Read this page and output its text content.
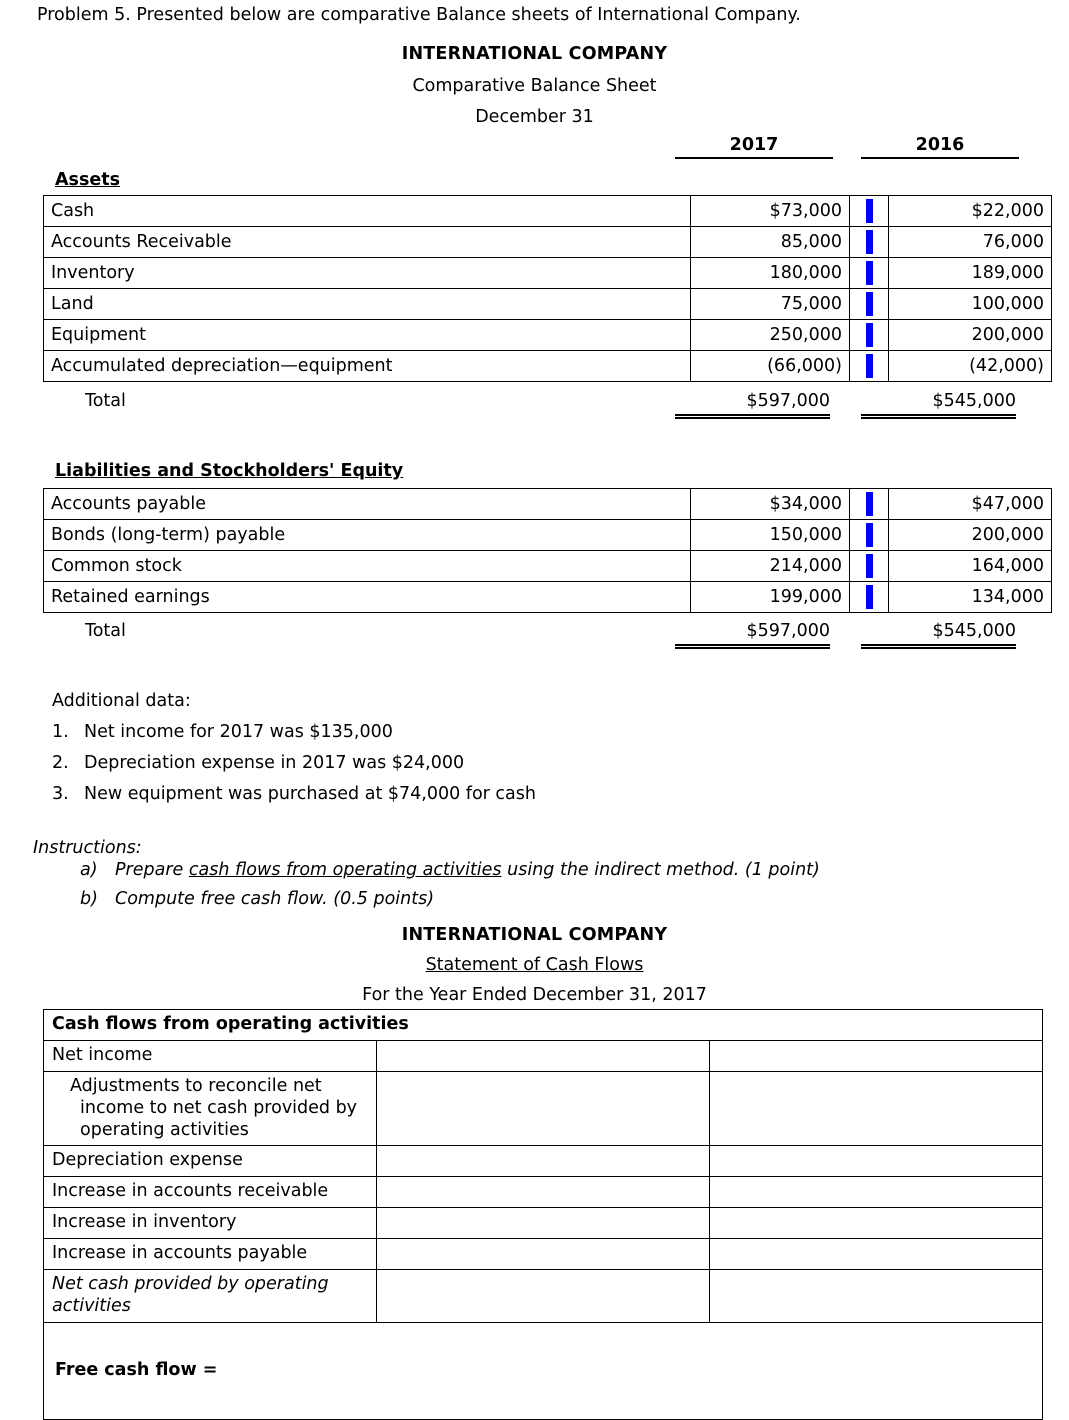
Problem 5. Presented below are comparative Balance sheets of International Company.
INTERNATIONAL COMPANY
Comparative Balance Sheet
December 31
2017	2016
Assets
Cash	$73,000		$22,000
Accounts Receivable	85,000		76,000
Inventory	180,000		189,000
Land	75,000		100,000
Equipment	250,000		200,000
Accumulated depreciation—equipment	(66,000)		(42,000)
Total	$597,000	$545,000
Liabilities and Stockholders' Equity
Accounts payable	$34,000		$47,000
Bonds (long-term) payable	150,000		200,000
Common stock	214,000		164,000
Retained earnings	199,000		134,000
Total	$597,000	$545,000
Additional data:
1. Net income for 2017 was $135,000
2. Depreciation expense in 2017 was $24,000
3. New equipment was purchased at $74,000 for cash
Instructions:
a) Prepare cash flows from operating activities using the indirect method. (1 point)
b) Compute free cash flow. (0.5 points)
INTERNATIONAL COMPANY
Statement of Cash Flows
For the Year Ended December 31, 2017
Cash flows from operating activities		
Net income		
Adjustments to reconcile net income to net cash provided by operating activities		
Depreciation expense		
Increase in accounts receivable		
Increase in inventory		
Increase in accounts payable		
Net cash provided by operating activities		
Free cash flow =		
